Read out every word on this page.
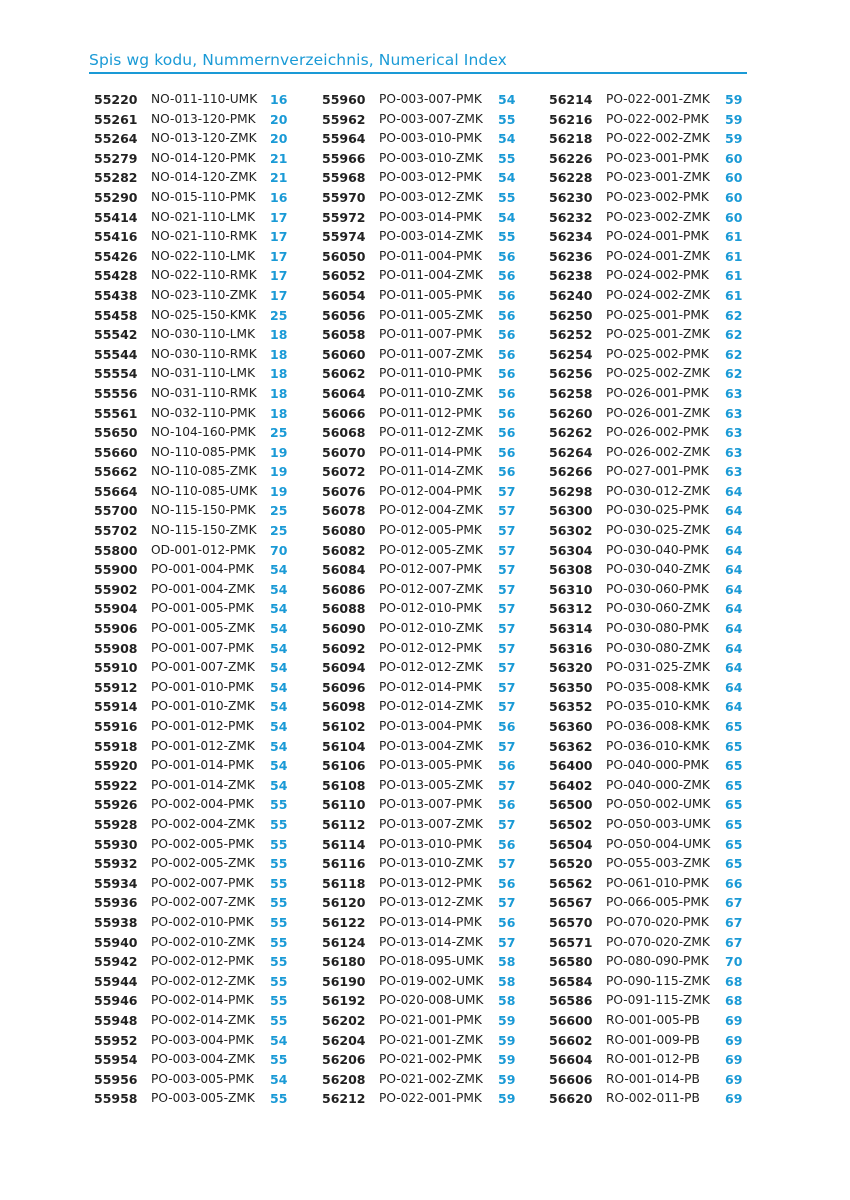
Spis wg kodu, Nummernverzeichnis, Numerical Index
55220 NO-011-110-UMK 16
55261 NO-013-120-PMK 20
55264 NO-013-120-ZMK 20
55279 NO-014-120-PMK 21
55282 NO-014-120-ZMK 21
55290 NO-015-110-PMK 16
55414 NO-021-110-LMK 17
55416 NO-021-110-RMK 17
55426 NO-022-110-LMK 17
55428 NO-022-110-RMK 17
55438 NO-023-110-ZMK 17
55458 NO-025-150-KMK 25
55542 NO-030-110-LMK 18
55544 NO-030-110-RMK 18
55554 NO-031-110-LMK 18
55556 NO-031-110-RMK 18
55561 NO-032-110-PMK 18
55650 NO-104-160-PMK 25
55660 NO-110-085-PMK 19
55662 NO-110-085-ZMK 19
55664 NO-110-085-UMK 19
55700 NO-115-150-PMK 25
55702 NO-115-150-ZMK 25
55800 OD-001-012-PMK 70
55900 PO-001-004-PMK 54
55902 PO-001-004-ZMK 54
55904 PO-001-005-PMK 54
55906 PO-001-005-ZMK 54
55908 PO-001-007-PMK 54
55910 PO-001-007-ZMK 54
55912 PO-001-010-PMK 54
55914 PO-001-010-ZMK 54
55916 PO-001-012-PMK 54
55918 PO-001-012-ZMK 54
55920 PO-001-014-PMK 54
55922 PO-001-014-ZMK 54
55926 PO-002-004-PMK 55
55928 PO-002-004-ZMK 55
55930 PO-002-005-PMK 55
55932 PO-002-005-ZMK 55
55934 PO-002-007-PMK 55
55936 PO-002-007-ZMK 55
55938 PO-002-010-PMK 55
55940 PO-002-010-ZMK 55
55942 PO-002-012-PMK 55
55944 PO-002-012-ZMK 55
55946 PO-002-014-PMK 55
55948 PO-002-014-ZMK 55
55952 PO-003-004-PMK 54
55954 PO-003-004-ZMK 55
55956 PO-003-005-PMK 54
55958 PO-003-005-ZMK 55
55960 PO-003-007-PMK 54
55962 PO-003-007-ZMK 55
55964 PO-003-010-PMK 54
55966 PO-003-010-ZMK 55
55968 PO-003-012-PMK 54
55970 PO-003-012-ZMK 55
55972 PO-003-014-PMK 54
55974 PO-003-014-ZMK 55
56050 PO-011-004-PMK 56
56052 PO-011-004-ZMK 56
56054 PO-011-005-PMK 56
56056 PO-011-005-ZMK 56
56058 PO-011-007-PMK 56
56060 PO-011-007-ZMK 56
56062 PO-011-010-PMK 56
56064 PO-011-010-ZMK 56
56066 PO-011-012-PMK 56
56068 PO-011-012-ZMK 56
56070 PO-011-014-PMK 56
56072 PO-011-014-ZMK 56
56076 PO-012-004-PMK 57
56078 PO-012-004-ZMK 57
56080 PO-012-005-PMK 57
56082 PO-012-005-ZMK 57
56084 PO-012-007-PMK 57
56086 PO-012-007-ZMK 57
56088 PO-012-010-PMK 57
56090 PO-012-010-ZMK 57
56092 PO-012-012-PMK 57
56094 PO-012-012-ZMK 57
56096 PO-012-014-PMK 57
56098 PO-012-014-ZMK 57
56102 PO-013-004-PMK 56
56104 PO-013-004-ZMK 57
56106 PO-013-005-PMK 56
56108 PO-013-005-ZMK 57
56110 PO-013-007-PMK 56
56112 PO-013-007-ZMK 57
56114 PO-013-010-PMK 56
56116 PO-013-010-ZMK 57
56118 PO-013-012-PMK 56
56120 PO-013-012-ZMK 57
56122 PO-013-014-PMK 56
56124 PO-013-014-ZMK 57
56180 PO-018-095-UMK 58
56190 PO-019-002-UMK 58
56192 PO-020-008-UMK 58
56202 PO-021-001-PMK 59
56204 PO-021-001-ZMK 59
56206 PO-021-002-PMK 59
56208 PO-021-002-ZMK 59
56212 PO-022-001-PMK 59
56214 PO-022-001-ZMK 59
56216 PO-022-002-PMK 59
56218 PO-022-002-ZMK 59
56226 PO-023-001-PMK 60
56228 PO-023-001-ZMK 60
56230 PO-023-002-PMK 60
56232 PO-023-002-ZMK 60
56234 PO-024-001-PMK 61
56236 PO-024-001-ZMK 61
56238 PO-024-002-PMK 61
56240 PO-024-002-ZMK 61
56250 PO-025-001-PMK 62
56252 PO-025-001-ZMK 62
56254 PO-025-002-PMK 62
56256 PO-025-002-ZMK 62
56258 PO-026-001-PMK 63
56260 PO-026-001-ZMK 63
56262 PO-026-002-PMK 63
56264 PO-026-002-ZMK 63
56266 PO-027-001-PMK 63
56298 PO-030-012-ZMK 64
56300 PO-030-025-PMK 64
56302 PO-030-025-ZMK 64
56304 PO-030-040-PMK 64
56308 PO-030-040-ZMK 64
56310 PO-030-060-PMK 64
56312 PO-030-060-ZMK 64
56314 PO-030-080-PMK 64
56316 PO-030-080-ZMK 64
56320 PO-031-025-ZMK 64
56350 PO-035-008-KMK 64
56352 PO-035-010-KMK 64
56360 PO-036-008-KMK 65
56362 PO-036-010-KMK 65
56400 PO-040-000-PMK 65
56402 PO-040-000-ZMK 65
56500 PO-050-002-UMK 65
56502 PO-050-003-UMK 65
56504 PO-050-004-UMK 65
56520 PO-055-003-ZMK 65
56562 PO-061-010-PMK 66
56567 PO-066-005-PMK 67
56570 PO-070-020-PMK 67
56571 PO-070-020-ZMK 67
56580 PO-080-090-PMK 70
56584 PO-090-115-ZMK 68
56586 PO-091-115-ZMK 68
56600 RO-001-005-PB 69
56602 RO-001-009-PB 69
56604 RO-001-012-PB 69
56606 RO-001-014-PB 69
56620 RO-002-011-PB 69
